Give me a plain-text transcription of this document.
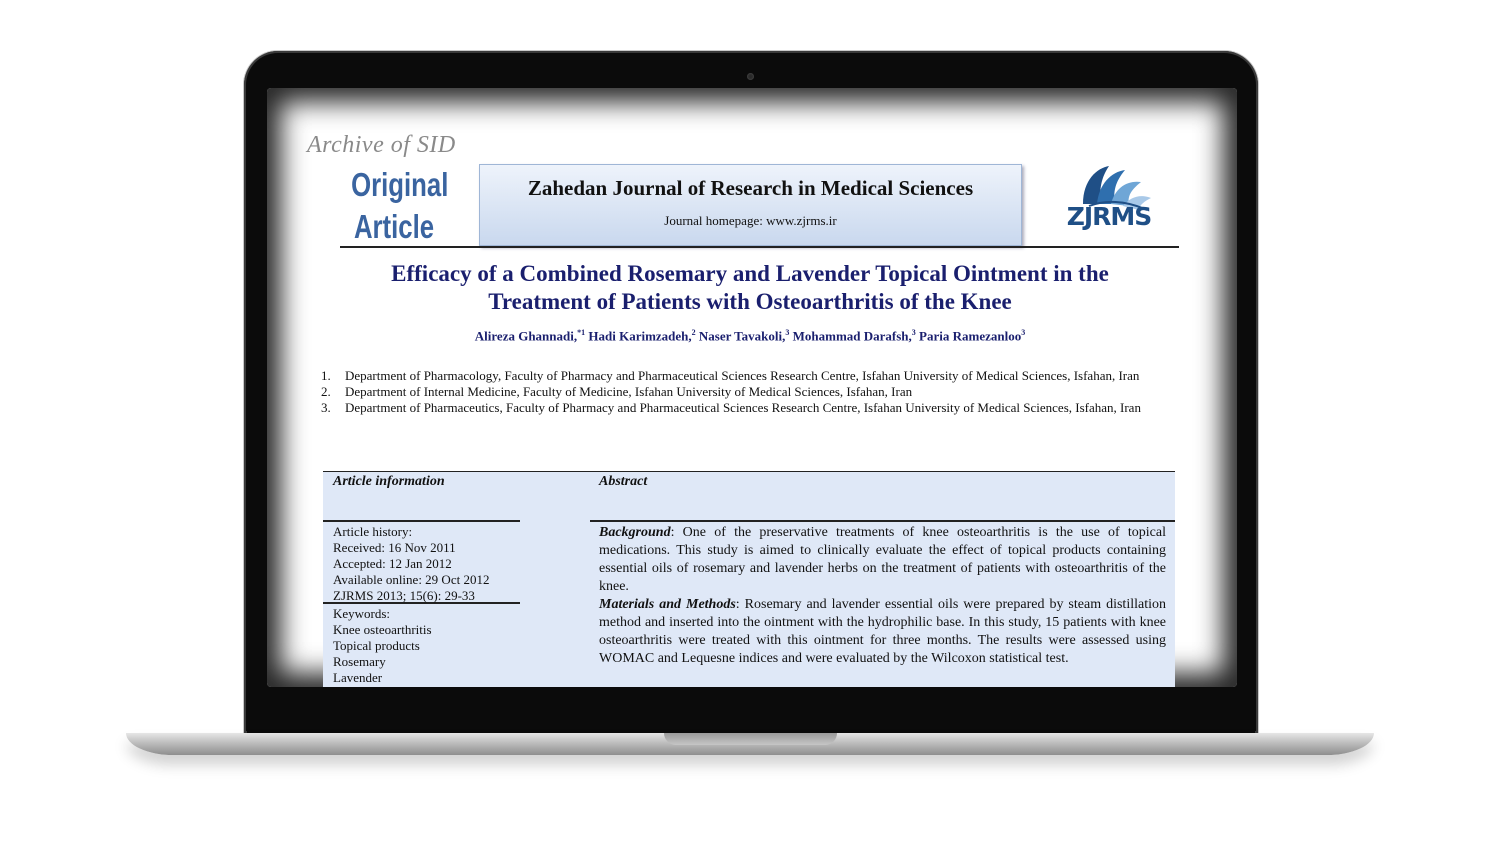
Archive of SID
Original
Article
Zahedan Journal of Research in Medical Sciences
Journal homepage: www.zjrms.ir	ZJRMS
Efficacy of a Combined Rosemary and Lavender Topical Ointment in the
Treatment of Patients with Osteoarthritis of the Knee
Alireza Ghannadi,$^{*1}$ Hadi Karimzadeh,$^2$ Naser Tavakoli,$^3$ Mohammad Darafsh,$^3$ Paria Ramezanloo$^3$
1.	Department of Pharmacology, Faculty of Pharmacy and Pharmaceutical Sciences Research Centre, Isfahan University of Medical Sciences, Isfahan, Iran
2.	Department of Internal Medicine, Faculty of Medicine, Isfahan University of Medical Sciences, Isfahan, Iran
3.	Department of Pharmaceutics, Faculty of Pharmacy and Pharmaceutical Sciences Research Centre, Isfahan University of Medical Sciences, Isfahan, Iran
Article information	Abstract
Article history:
Received: 16 Nov 2011
Accepted: 12 Jan 2012
Available online: 29 Oct 2012
ZJRMS 2013; 15(6): 29-33
Keywords:
Knee osteoarthritis
Topical products
Rosemary
Lavender
Background: One of the preservative treatments of knee osteoarthritis is the use of topical medications. This study is aimed to clinically evaluate the effect of topical products containing essential oils of rosemary and lavender herbs on the treatment of patients with osteoarthritis of the knee.
Materials and Methods: Rosemary and lavender essential oils were prepared by steam distillation method and inserted into the ointment with the hydrophilic base. In this study, 15 patients with knee osteoarthritis were treated with this ointment for three months. The results were assessed using WOMAC and Lequesne indices and were evaluated by the Wilcoxon statistical test.
